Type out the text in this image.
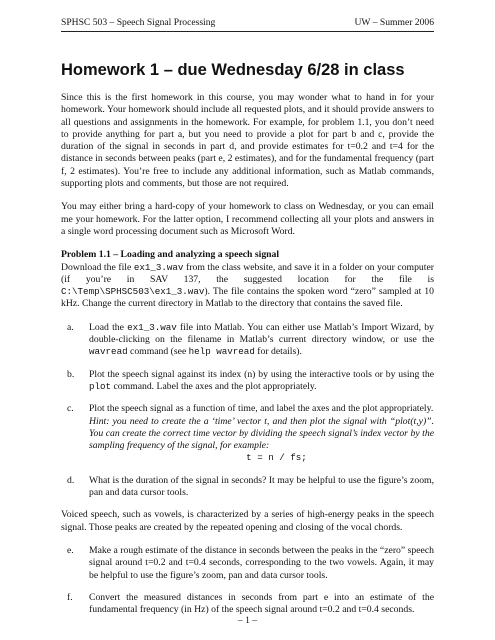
SPHSC 503 – Speech Signal Processing	UW – Summer 2006
Homework 1 – due Wednesday 6/28 in class

Since this is the first homework in this course, you may wonder what to hand in for your homework. Your homework should include all requested plots, and it should provide answers to all questions and assignments in the homework. For example, for problem 1.1, you don’t need to provide anything for part a, but you need to provide a plot for part b and c, provide the duration of the signal in seconds in part d, and provide estimates for t=0.2 and t=4 for the distance in seconds between peaks (part e, 2 estimates), and for the fundamental frequency (part f, 2 estimates). You’re free to include any additional information, such as Matlab commands, supporting plots and comments, but those are not required.

You may either bring a hard-copy of your homework to class on Wednesday, or you can email me your homework. For the latter option, I recommend collecting all your plots and answers in a single word processing document such as Microsoft Word.

Problem 1.1 – Loading and analyzing a speech signal

Download the file ex1_3.wav from the class website, and save it in a folder on your computer (if you’re in SAV 137, the suggested location for the file is C:\Temp\SPHSC503\ex1_3.wav). The file contains the spoken word “zero” sampled at 10 kHz. Change the current directory in Matlab to the directory that contains the saved file.

a.	Load the ex1_3.wav file into Matlab. You can either use Matlab’s Import Wizard, by double-clicking on the filename in Matlab’s current directory window, or use the wavread command (see help wavread for details).
b.	Plot the speech signal against its index (n) by using the interactive tools or by using the plot command. Label the axes and the plot appropriately.
c.	Plot the speech signal as a function of time, and label the axes and the plot appropriately.
Hint: you need to create the a ‘time’ vector t, and then plot the signal with “plot(t,y)”. You can create the correct time vector by dividing the speech signal’s index vector by the sampling frequency of the signal, for example:
t = n / fs;
d.	What is the duration of the signal in seconds? It may be helpful to use the figure’s zoom, pan and data cursor tools.

Voiced speech, such as vowels, is characterized by a series of high-energy peaks in the speech signal. Those peaks are created by the repeated opening and closing of the vocal chords.

e.	Make a rough estimate of the distance in seconds between the peaks in the “zero” speech signal around t=0.2 and t=0.4 seconds, corresponding to the two vowels. Again, it may be helpful to use the figure’s zoom, pan and data cursor tools.
f.	Convert the measured distances in seconds from part e into an estimate of the fundamental frequency (in Hz) of the speech signal around t=0.2 and t=0.4 seconds.
– 1 –
